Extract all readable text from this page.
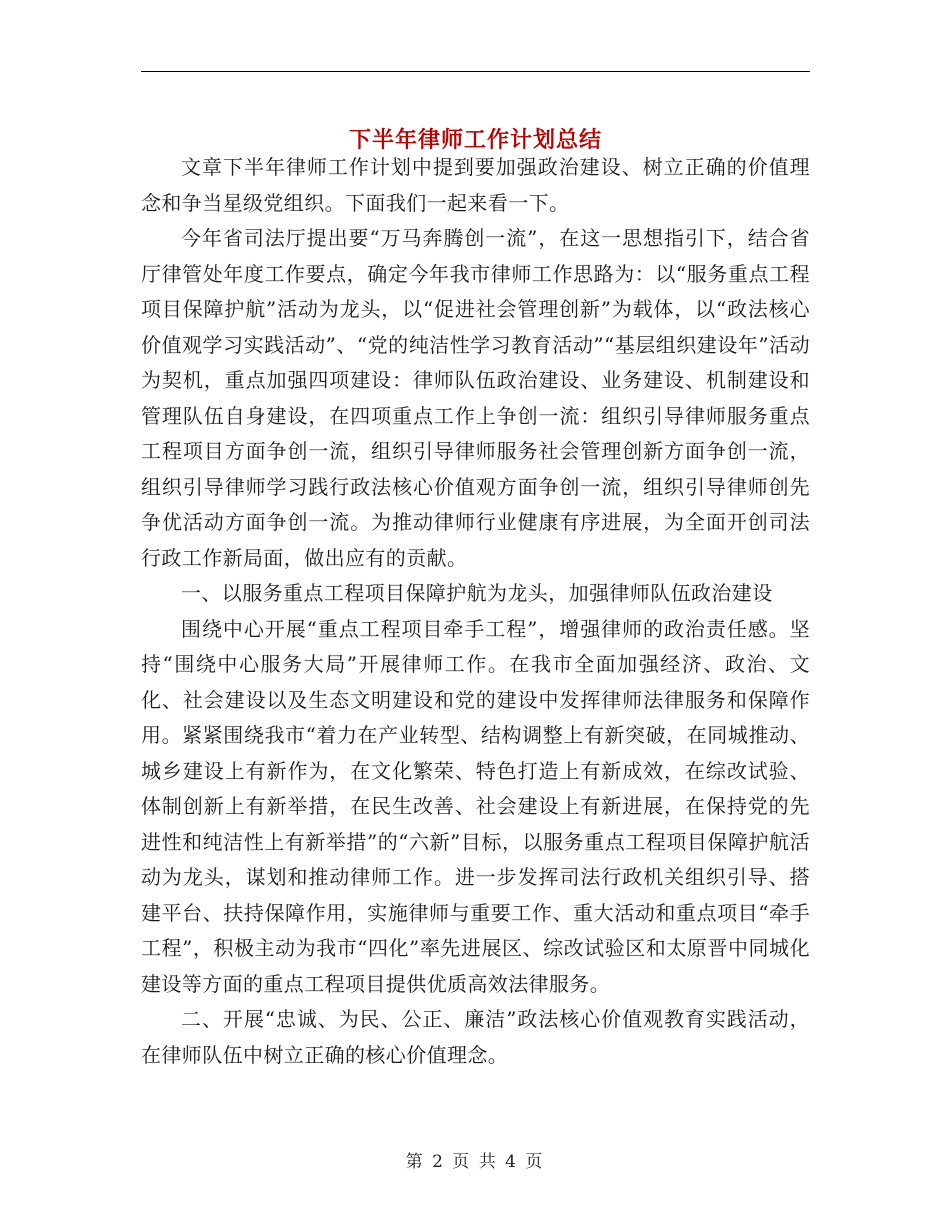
下半年律师工作计划总结

文章下半年律师工作计划中提到要加强政治建设、树立正确的价值理念和争当星级党组织。下面我们一起来看一下。

今年省司法厅提出要“万马奔腾创一流”，在这一思想指引下，结合省厅律管处年度工作要点，确定今年我市律师工作思路为：以“服务重点工程项目保障护航”活动为龙头，以“促进社会管理创新”为载体，以“政法核心价值观学习实践活动”、“党的纯洁性学习教育活动”“基层组织建设年”活动为契机，重点加强四项建设：律师队伍政治建设、业务建设、机制建设和管理队伍自身建设，在四项重点工作上争创一流：组织引导律师服务重点工程项目方面争创一流，组织引导律师服务社会管理创新方面争创一流，组织引导律师学习践行政法核心价值观方面争创一流，组织引导律师创先争优活动方面争创一流。为推动律师行业健康有序进展，为全面开创司法行政工作新局面，做出应有的贡献。

一、以服务重点工程项目保障护航为龙头，加强律师队伍政治建设

围绕中心开展“重点工程项目牵手工程”，增强律师的政治责任感。坚持“围绕中心服务大局”开展律师工作。在我市全面加强经济、政治、文化、社会建设以及生态文明建设和党的建设中发挥律师法律服务和保障作用。紧紧围绕我市“着力在产业转型、结构调整上有新突破，在同城推动、城乡建设上有新作为，在文化繁荣、特色打造上有新成效，在综改试验、体制创新上有新举措，在民生改善、社会建设上有新进展，在保持党的先进性和纯洁性上有新举措”的“六新”目标，以服务重点工程项目保障护航活动为龙头，谋划和推动律师工作。进一步发挥司法行政机关组织引导、搭建平台、扶持保障作用，实施律师与重要工作、重大活动和重点项目“牵手工程”，积极主动为我市“四化”率先进展区、综改试验区和太原晋中同城化建设等方面的重点工程项目提供优质高效法律服务。

二、开展“忠诚、为民、公正、廉洁”政法核心价值观教育实践活动，在律师队伍中树立正确的核心价值理念。

第 2 页 共 4 页
